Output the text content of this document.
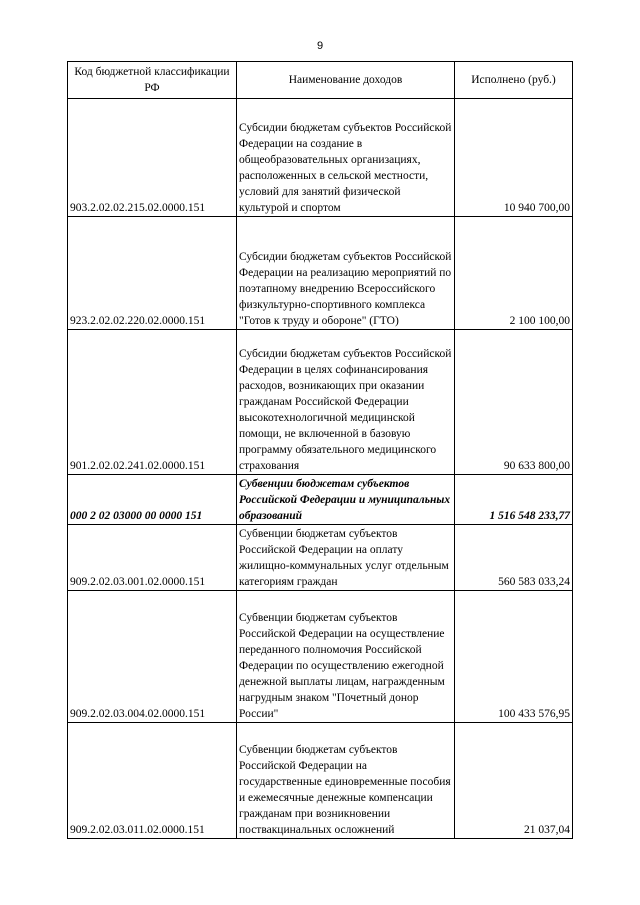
9
Код бюджетной классификации РФ	Наименование доходов	Исполнено (руб.)
903.2.02.02.215.02.0000.151	Субсидии бюджетам субъектов Российской Федерации на создание в общеобразовательных организациях, расположенных в сельской местности, условий для занятий физической культурой и спортом	10 940 700,00
923.2.02.02.220.02.0000.151	Субсидии бюджетам субъектов Российской Федерации на реализацию мероприятий по поэтапному внедрению Всероссийского физкультурно-спортивного комплекса "Готов к труду и обороне" (ГТО)	2 100 100,00
901.2.02.02.241.02.0000.151	Субсидии бюджетам субъектов Российской Федерации в целях софинансирования расходов, возникающих при оказании гражданам Российской Федерации высокотехнологичной медицинской помощи, не включенной в базовую программу обязательного медицинского страхования	90 633 800,00
000 2 02 03000 00 0000 151	Субвенции бюджетам субъектов Российской Федерации и муниципальных образований	1 516 548 233,77
909.2.02.03.001.02.0000.151	Субвенции бюджетам субъектов Российской Федерации на оплату жилищно-коммунальных услуг отдельным категориям граждан	560 583 033,24
909.2.02.03.004.02.0000.151	Субвенции бюджетам субъектов Российской Федерации на осуществление переданного полномочия Российской Федерации по осуществлению ежегодной денежной выплаты лицам, награжденным нагрудным знаком "Почетный донор России"	100 433 576,95
909.2.02.03.011.02.0000.151	Субвенции бюджетам субъектов Российской Федерации на государственные единовременные пособия и ежемесячные денежные компенсации гражданам при возникновении поствакцинальных осложнений	21 037,04
